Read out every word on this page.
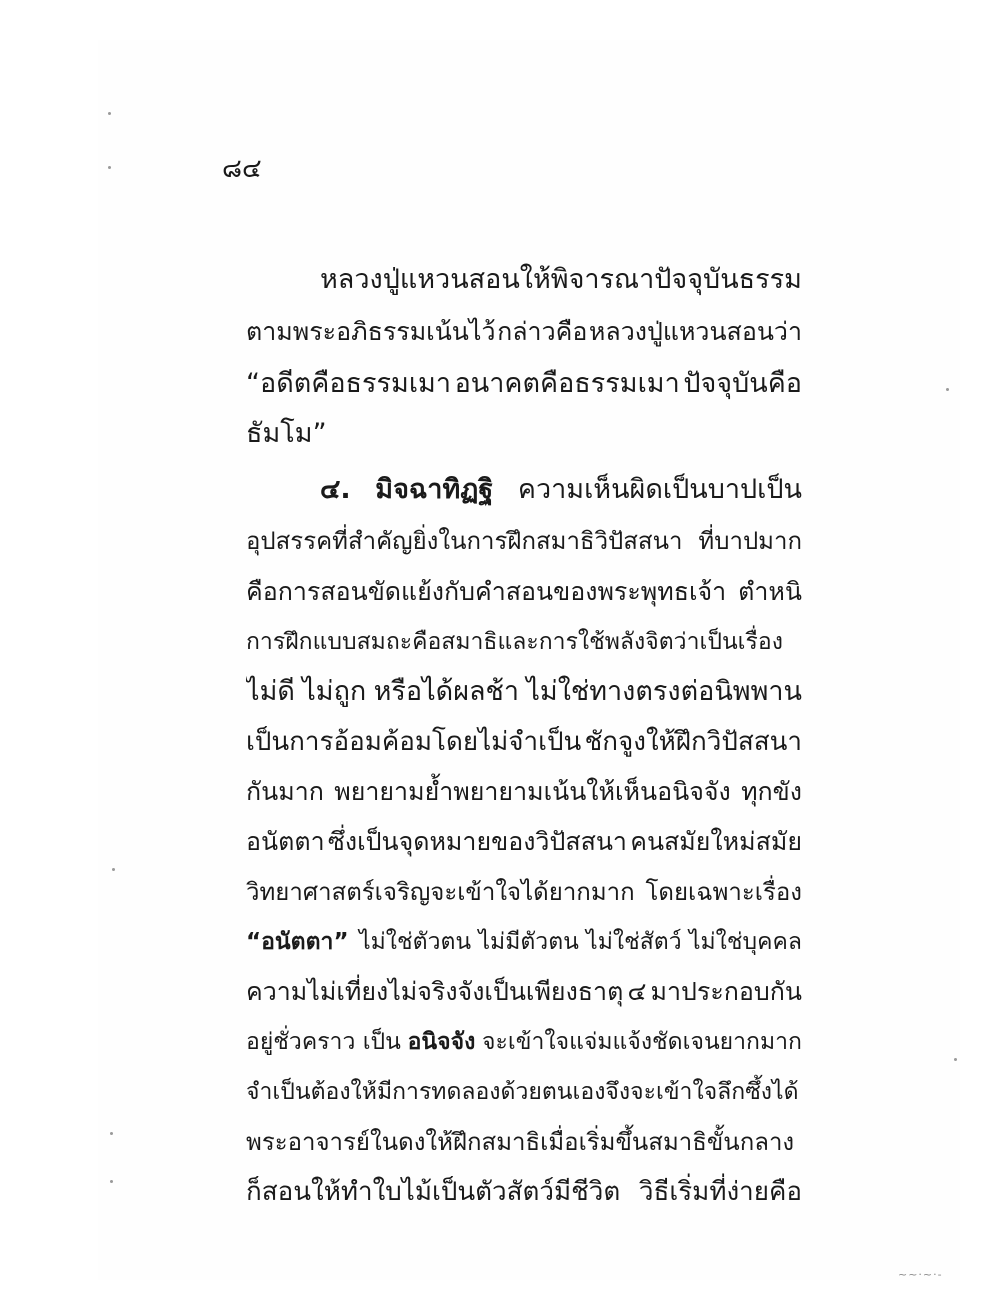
~~·~·‑
๘๔
หลวงปู่แหวนสอนให้พิจารณาปัจจุบันธรรม
ตามพระอภิธรรมเน้นไว้ กล่าวคือ หลวงปู่แหวนสอนว่า
“อดีตคือธรรมเมา อนาคตคือธรรมเมา ปัจจุบันคือ
ธัมโม”
๔. มิจฉาทิฏฐิ ความเห็นผิดเป็นบาปเป็น
อุปสรรคที่สำคัญยิ่งในการฝึกสมาธิวิปัสสนา ที่บาปมาก
คือการสอนขัดแย้งกับคำสอนของพระพุทธเจ้า ตำหนิ
การฝึกแบบสมถะคือสมาธิและการใช้พลังจิตว่าเป็นเรื่อง
ไม่ดี ไม่ถูก หรือได้ผลช้า ไม่ใช่ทางตรงต่อนิพพาน
เป็นการอ้อมค้อมโดยไม่จำเป็น ชักจูงให้ฝึกวิปัสสนา
กันมาก พยายามย้ำพยายามเน้นให้เห็นอนิจจัง ทุกขัง
อนัตตา ซึ่งเป็นจุดหมายของวิปัสสนา คนสมัยใหม่สมัย
วิทยาศาสตร์เจริญจะเข้าใจได้ยากมาก โดยเฉพาะเรื่อง
“อนัตตา” ไม่ใช่ตัวตน ไม่มีตัวตน ไม่ใช่สัตว์ ไม่ใช่บุคคล
ความไม่เที่ยงไม่จริงจังเป็นเพียงธาตุ ๔ มาประกอบกัน
อยู่ชั่วคราว เป็น อนิจจัง จะเข้าใจแจ่มแจ้งชัดเจนยากมาก
จำเป็นต้องให้มีการทดลองด้วยตนเองจึงจะเข้าใจลึกซึ้งได้
พระอาจารย์ในดงให้ฝึกสมาธิเมื่อเริ่มขึ้นสมาธิขั้นกลาง
ก็สอนให้ทำใบไม้เป็นตัวสัตว์มีชีวิต วิธีเริ่มที่ง่ายคือ
